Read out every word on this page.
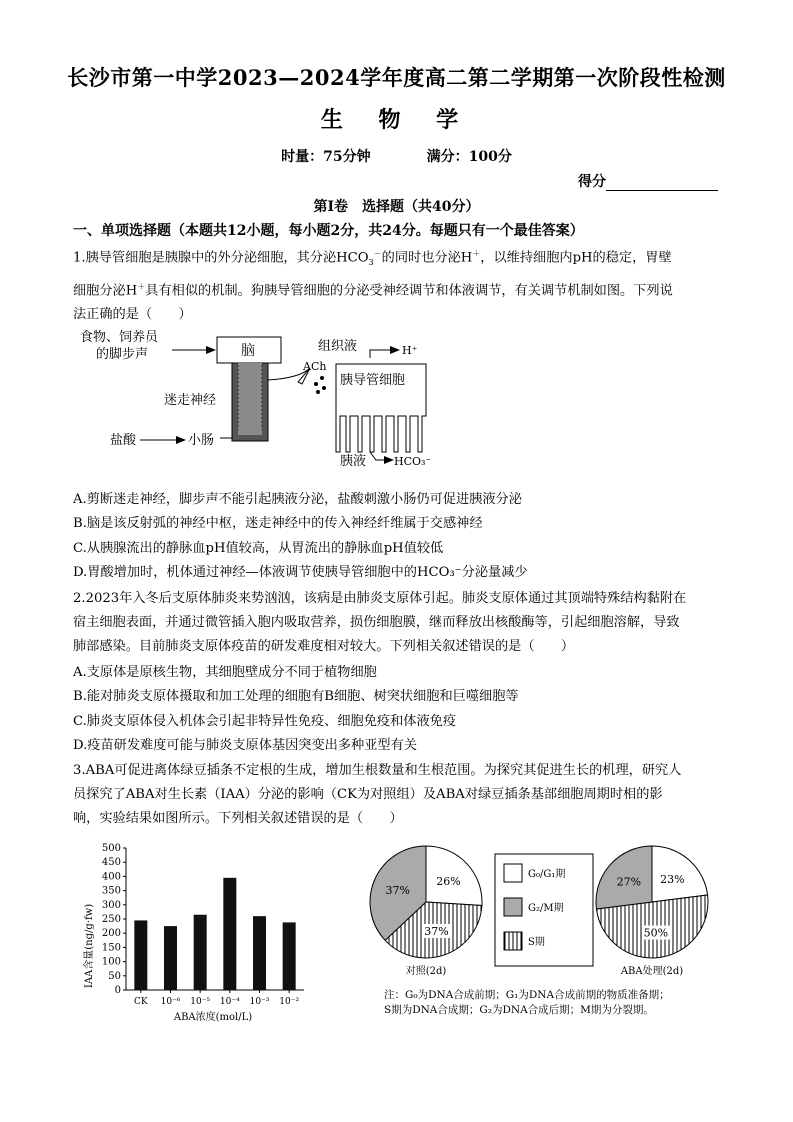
长沙市第一中学2023—2024学年度高二第二学期第一次阶段性检测
生 物 学
时量：75分钟	满分：100分
得分
第Ⅰ卷　选择题（共40分）
一、单项选择题（本题共12小题，每小题2分，共24分。每题只有一个最佳答案）
1.胰导管细胞是胰腺中的外分泌细胞，其分泌$HCO_3^-$的同时也分泌H＋，以维持细胞内pH的稳定，胃壁
细胞分泌H＋具有相似的机制。狗胰导管细胞的分泌受神经调节和体液调节，有关调节机制如图。下列说
法正确的是（　　）
食物、饲养员
的脚步声	脑
迷走神经
盐酸	小肠
ACh
组织液	H⁺
胰导管细胞
胰液	HCO₃⁻
A.剪断迷走神经，脚步声不能引起胰液分泌，盐酸刺激小肠仍可促进胰液分泌
B.脑是该反射弧的神经中枢，迷走神经中的传入神经纤维属于交感神经
C.从胰腺流出的静脉血pH值较高，从胃流出的静脉血pH值较低
D.胃酸增加时，机体通过神经—体液调节使胰导管细胞中的HCO₃⁻分泌量减少
2.2023年入冬后支原体肺炎来势汹汹，该病是由肺炎支原体引起。肺炎支原体通过其顶端特殊结构黏附在
宿主细胞表面，并通过微管插入胞内吸取营养，损伤细胞膜，继而释放出核酸酶等，引起细胞溶解，导致
肺部感染。目前肺炎支原体疫苗的研发难度相对较大。下列相关叙述错误的是（　　）
A.支原体是原核生物，其细胞壁成分不同于植物细胞
B.能对肺炎支原体摄取和加工处理的细胞有B细胞、树突状细胞和巨噬细胞等
C.肺炎支原体侵入机体会引起非特异性免疫、细胞免疫和体液免疫
D.疫苗研发难度可能与肺炎支原体基因突变出多种亚型有关
3.ABA可促进离体绿豆插条不定根的生成，增加生根数量和生根范围。为探究其促进生长的机理，研究人
员探究了ABA对生长素（IAA）分泌的影响（CK为对照组）及ABA对绿豆插条基部细胞周期时相的影
响，实验结果如图所示。下列相关叙述错误的是（　　）
0
50
100
150
200
250
300
350
400
450
500
CK 10⁻⁶ 10⁻⁵ 10⁻⁴ 10⁻³ 10⁻²
IAA含量(ng/g·fw)
ABA浓度(mol/L)
26%
37%
37%
对照(2d)
23%
50%
27%
ABA处理(2d)
G₀/G₁期
G₂/M期
S期
注：G₀为DNA合成前期；G₁为DNA合成前期的物质准备期；
S期为DNA合成期；G₂为DNA合成后期；M期为分裂期。
